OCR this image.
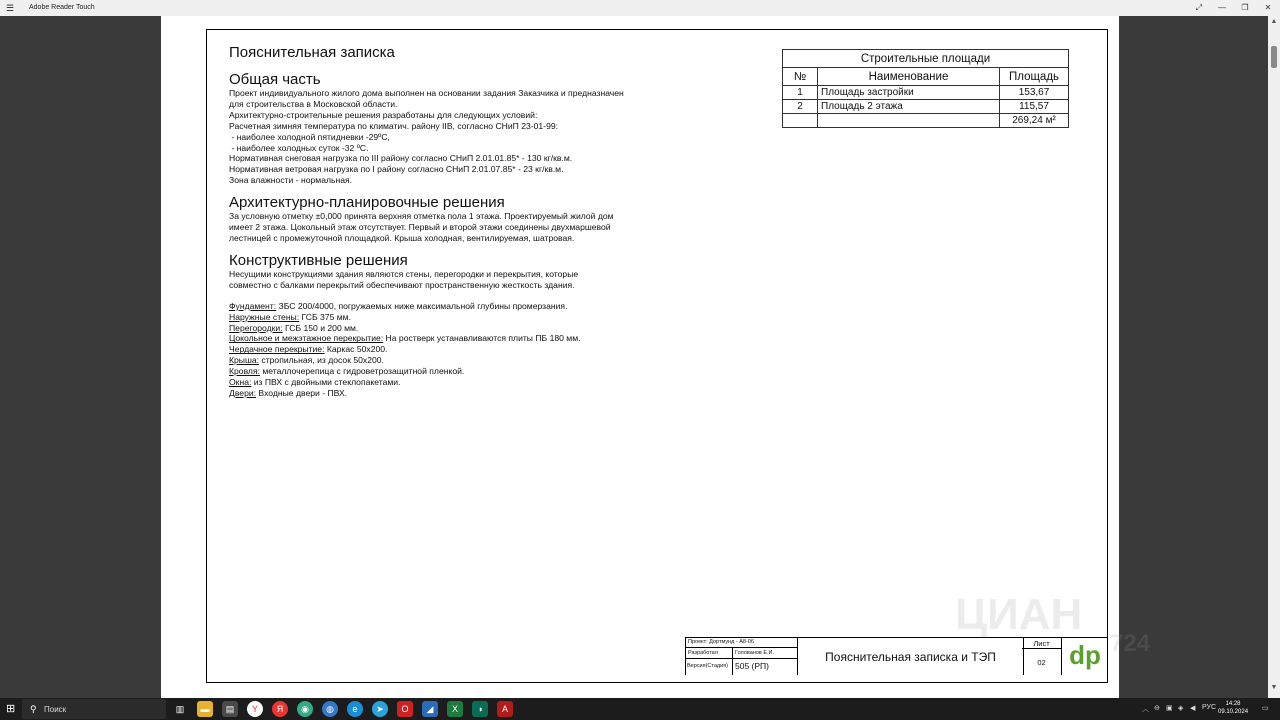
☰ Adobe Reader Touch	⤢	—	❐	✕
Пояснительная записка
Общая часть

Проект индивидуального жилого дома выполнен на основании задания Заказчика и предназначен
для строительства в Московской области.
Архитектурно-строительные решения разработаны для следующих условий:
Расчетная зимняя температура по климатич. району IIВ, согласно СНиП 23-01-99:
- наиболее холодной пятидневки -29ºС,
- наиболее холодных суток -32 ºС.
Нормативная снеговая нагрузка по III району согласно СНиП 2.01.01.85* - 130 кг/кв.м.
Нормативная ветровая нагрузка по I району согласно СНиП 2.01.07.85* - 23 кг/кв.м.
Зона влажности - нормальная.

Архитектурно-планировочные решения

За условную отметку ±0,000 принята верхняя отметка пола 1 этажа. Проектируемый жилой дом
имеет 2 этажа. Цокольный этаж отсутствует. Первый и второй этажи соединены двухмаршевой
лестницей с промежуточной площадкой. Крыша холодная, вентилируемая, шатровая.

Конструктивные решения

Несущими конструкциями здания являются стены, перегородки и перекрытия, которые
совместно с балками перекрытий обеспечивают пространственную жесткость здания.

Фундамент: ЗБС 200/4000, погружаемых ниже максимальной глубины промерзания.

Наружные стены: ГСБ 375 мм.

Перегородки: ГСБ 150 и 200 мм.

Цокольное и межэтажное перекрытие: На ростверк устанавливаются плиты ПБ 180 мм.

Чердачное перекрытие: Каркас 50х200.

Крыша: стропильная, из досок 50х200.

Кровля: металлочерепица с гидроветрозащитной пленкой.

Окна: из ПВХ с двойными стеклопакетами.

Двери: Входные двери - ПВХ.

Строительные площади		
№	Наименование	Площадь
1	Площадь застройки	153,67
2	Площадь 2 этажа	115,57
		269,24 м²
Проект: Дортмунд - А8-06
Разработал	Голованов Е.И.
Версия(Стадия) 505 (РП)
Пояснительная записка и ТЭП
Лист
02 dp
ЦИАН
724
▲
▼
⊞	⚲ Поиск	▥	▬	▤	Y	Я	◉	◍	e	➤	O	◢	X	◑	A	︿ ⊖ ▣ ◈ ◀ РУС	14:28
09.10.2024 ▭
